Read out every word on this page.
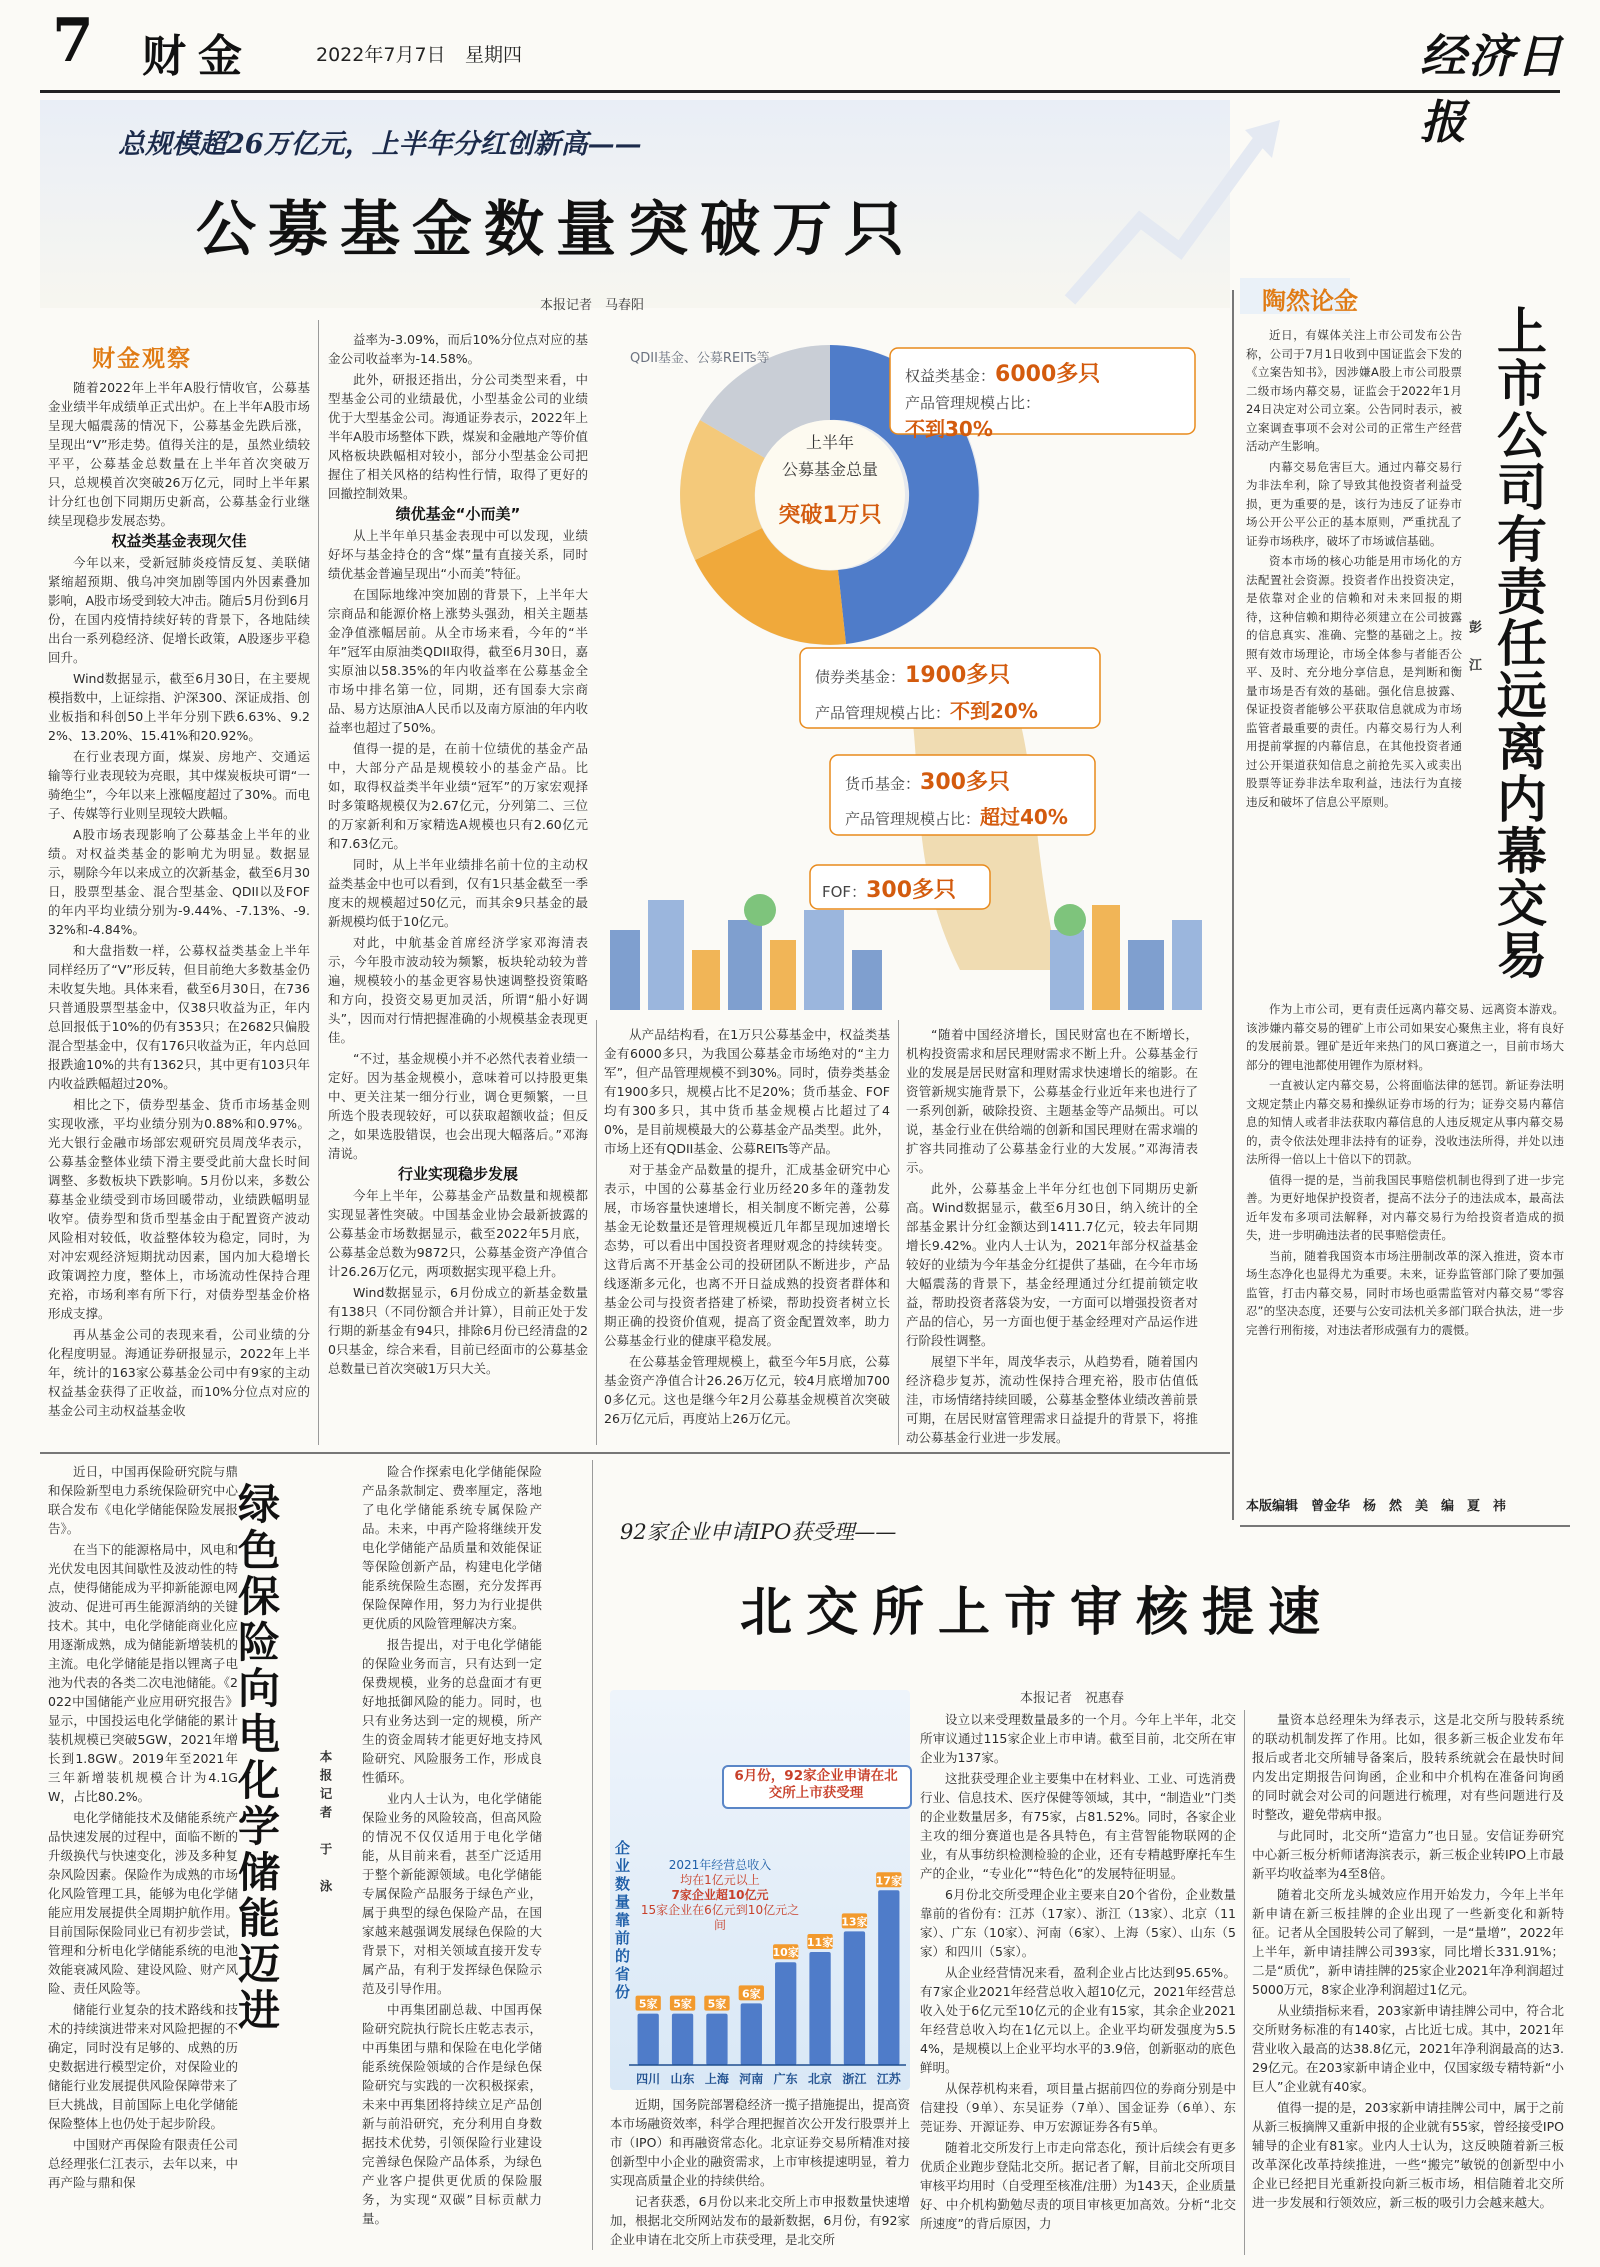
7 财金	2022年7月7日 星期四	经济日报
总规模超26万亿元，上半年分红创新高——
公募基金数量突破万只
本报记者　马春阳
财金观察

随着2022年上半年A股行情收官，公募基金业绩半年成绩单正式出炉。在上半年A股市场呈现大幅震荡的情况下，公募基金先跌后涨，呈现出“V”形走势。值得关注的是，虽然业绩较平平，公募基金总数量在上半年首次突破万只，总规模首次突破26万亿元，同时上半年累计分红也创下同期历史新高，公募基金行业继续呈现稳步发展态势。

权益类基金表现欠佳

今年以来，受新冠肺炎疫情反复、美联储紧缩超预期、俄乌冲突加剧等国内外因素叠加影响，A股市场受到较大冲击。随后5月份到6月份，在国内疫情持续好转的背景下，各地陆续出台一系列稳经济、促增长政策，A股逐步平稳回升。

Wind数据显示，截至6月30日，在主要规模指数中，上证综指、沪深300、深证成指、创业板指和科创50上半年分别下跌6.63%、9.22%、13.20%、15.41%和20.92%。

在行业表现方面，煤炭、房地产、交通运输等行业表现较为亮眼，其中煤炭板块可谓“一骑绝尘”，今年以来上涨幅度超过了30%。而电子、传媒等行业则呈现较大跌幅。

A股市场表现影响了公募基金上半年的业绩。对权益类基金的影响尤为明显。数据显示，剔除今年以来成立的次新基金，截至6月30日，股票型基金、混合型基金、QDII以及FOF的年内平均业绩分别为-9.44%、-7.13%、-9.32%和-4.84%。

和大盘指数一样，公募权益类基金上半年同样经历了“V”形反转，但目前绝大多数基金仍未收复失地。具体来看，截至6月30日，在736只普通股票型基金中，仅38只收益为正，年内总回报低于10%的仍有353只；在2682只偏股混合型基金中，仅有176只收益为正，年内总回报跌逾10%的共有1362只，其中更有103只年内收益跌幅超过20%。

相比之下，债券型基金、货币市场基金则实现收涨，平均业绩分别为0.88%和0.97%。光大银行金融市场部宏观研究员周茂华表示，公募基金整体业绩下滑主要受此前大盘长时间调整、多数板块下跌影响。5月份以来，多数公募基金业绩受到市场回暖带动，业绩跌幅明显收窄。债券型和货币型基金由于配置资产波动风险相对较低，收益整体较为稳定，同时，为对冲宏观经济短期扰动因素，国内加大稳增长政策调控力度，整体上，市场流动性保持合理充裕，市场利率有所下行，对债券型基金价格形成支撑。

再从基金公司的表现来看，公司业绩的分化程度明显。海通证券研报显示，2022年上半年，统计的163家公募基金公司中有9家的主动权益基金获得了正收益，而10%分位点对应的基金公司主动权益基金收

益率为-3.09%，而后10%分位点对应的基金公司收益率为-14.58%。

此外，研报还指出，分公司类型来看，中型基金公司的业绩最优，小型基金公司的业绩优于大型基金公司。海通证券表示，2022年上半年A股市场整体下跌，煤炭和金融地产等价值风格板块跌幅相对较小，部分小型基金公司把握住了相关风格的结构性行情，取得了更好的回撤控制效果。

绩优基金“小而美”

从上半年单只基金表现中可以发现，业绩好坏与基金持仓的含“煤”量有直接关系，同时绩优基金普遍呈现出“小而美”特征。

在国际地缘冲突加剧的背景下，上半年大宗商品和能源价格上涨势头强劲，相关主题基金净值涨幅居前。从全市场来看，今年的“半年”冠军由原油类QDII取得，截至6月30日，嘉实原油以58.35%的年内收益率在公募基金全市场中排名第一位，同期，还有国泰大宗商品、易方达原油A人民币以及南方原油的年内收益率也超过了50%。

值得一提的是，在前十位绩优的基金产品中，大部分产品是规模较小的基金产品。比如，取得权益类半年业绩“冠军”的万家宏观择时多策略规模仅为2.67亿元，分列第二、三位的万家新利和万家精选A规模也只有2.60亿元和7.63亿元。

同时，从上半年业绩排名前十位的主动权益类基金中也可以看到，仅有1只基金截至一季度末的规模超过50亿元，而其余9只基金的最新规模均低于10亿元。

对此，中航基金首席经济学家邓海清表示，今年股市波动较为频繁，板块轮动较为普遍，规模较小的基金更容易快速调整投资策略和方向，投资交易更加灵活，所谓“船小好调头”，因而对行情把握准确的小规模基金表现更佳。

“不过，基金规模小并不必然代表着业绩一定好。因为基金规模小，意味着可以持股更集中、更关注某一细分行业，调仓更频繁，一旦所选个股表现较好，可以获取超额收益；但反之，如果选股错误，也会出现大幅落后。”邓海清说。

行业实现稳步发展

今年上半年，公募基金产品数量和规模都实现显著性突破。中国基金业协会最新披露的公募基金市场数据显示，截至2022年5月底，公募基金总数为9872只，公募基金资产净值合计26.26万亿元，两项数据实现平稳上升。

Wind数据显示，6月份成立的新基金数量有138只（不同份额合并计算），目前正处于发行期的新基金有94只，排除6月份已经清盘的20只基金，综合来看，目前已经面市的公募基金总数量已首次突破1万只大关。

上半年
公募基金总量
突破1万只
QDII基金、公募REITs等
权益类基金：6000多只
产品管理规模占比：
不到30%
债券类基金：1900多只
产品管理规模占比：不到20%
货币基金：300多只
产品管理规模占比：超过40%
FOF：300多只

从产品结构看，在1万只公募基金中，权益类基金有6000多只，为我国公募基金市场绝对的“主力军”，但产品管理规模不到30%。同时，债券类基金有1900多只，规模占比不足20%；货币基金、FOF均有300多只，其中货币基金规模占比超过了40%，是目前规模最大的公募基金产品类型。此外，市场上还有QDII基金、公募REITs等产品。

对于基金产品数量的提升，汇成基金研究中心表示，中国的公募基金行业历经20多年的蓬勃发展，市场容量快速增长，相关制度不断完善，公募基金无论数量还是管理规模近几年都呈现加速增长态势，可以看出中国投资者理财观念的持续转变。这背后离不开基金公司的投研团队不断进步，产品线逐渐多元化，也离不开日益成熟的投资者群体和基金公司与投资者搭建了桥梁，帮助投资者树立长期正确的投资价值观，提高了资金配置效率，助力公募基金行业的健康平稳发展。

在公募基金管理规模上，截至今年5月底，公募基金资产净值合计26.26万亿元，较4月底增加7000多亿元。这也是继今年2月公募基金规模首次突破26万亿元后，再度站上26万亿元。

“随着中国经济增长，国民财富也在不断增长，机构投资需求和居民理财需求不断上升。公募基金行业的发展是居民财富和理财需求快速增长的缩影。在资管新规实施背景下，公募基金行业近年来也进行了一系列创新，破除投资、主题基金等产品频出。可以说，基金行业在供给端的创新和国民理财在需求端的扩容共同推动了公募基金行业的大发展。”邓海清表示。

此外，公募基金上半年分红也创下同期历史新高。Wind数据显示，截至6月30日，纳入统计的全部基金累计分红金额达到1411.7亿元，较去年同期增长9.42%。业内人士认为，2021年部分权益基金较好的业绩为今年基金分红提供了基础，在今年市场大幅震荡的背景下，基金经理通过分红提前锁定收益，帮助投资者落袋为安，一方面可以增强投资者对产品的信心，另一方面也便于基金经理对产品运作进行阶段性调整。

展望下半年，周茂华表示，从趋势看，随着国内经济稳步复苏，流动性保持合理充裕，股市估值低洼，市场情绪持续回暖，公募基金整体业绩改善前景可期，在居民财富管理需求日益提升的背景下，将推动公募基金行业进一步发展。

陶然论金

近日，有媒体关注上市公司发布公告称，公司于7月1日收到中国证监会下发的《立案告知书》，因涉嫌A股上市公司股票二级市场内幕交易，证监会于2022年1月24日决定对公司立案。公告同时表示，被立案调查事项不会对公司的正常生产经营活动产生影响。

内幕交易危害巨大。通过内幕交易行为非法牟利，除了导致其他投资者利益受损，更为重要的是，该行为违反了证券市场公开公平公正的基本原则，严重扰乱了证券市场秩序，破坏了市场诚信基础。

资本市场的核心功能是用市场化的方法配置社会资源。投资者作出投资决定，是依靠对企业的信赖和对未来回报的期待，这种信赖和期待必须建立在公司披露的信息真实、准确、完整的基础之上。按照有效市场理论，市场全体参与者能否公平、及时、充分地分享信息，是判断和衡量市场是否有效的基础。强化信息披露、保证投资者能够公平获取信息就成为市场监管者最重要的责任。内幕交易行为人利用提前掌握的内幕信息，在其他投资者通过公开渠道获知信息之前抢先买入或卖出股票等证券非法牟取利益，违法行为直接违反和破坏了信息公平原则。	上市公司有责任远离内幕交易
彭　江

作为上市公司，更有责任远离内幕交易、远离资本游戏。该涉嫌内幕交易的锂矿上市公司如果安心聚焦主业，将有良好的发展前景。锂矿是近年来热门的风口赛道之一，目前市场大部分的锂电池都使用锂作为原材料。

一直被认定内幕交易，公将面临法律的惩罚。新证券法明文规定禁止内幕交易和操纵证券市场的行为；证券交易内幕信息的知情人或者非法获取内幕信息的人违反规定从事内幕交易的，责令依法处理非法持有的证券，没收违法所得，并处以违法所得一倍以上十倍以下的罚款。

值得一提的是，当前我国民事赔偿机制也得到了进一步完善。为更好地保护投资者，提高不法分子的违法成本，最高法近年发布多项司法解释，对内幕交易行为给投资者造成的损失，进一步明确违法者的民事赔偿责任。

当前，随着我国资本市场注册制改革的深入推进，资本市场生态净化也显得尤为重要。未来，证券监管部门除了要加强监管，打击内幕交易，同时市场也亟需监管对内幕交易“零容忍”的坚决态度，还要与公安司法机关多部门联合执法，进一步完善行刑衔接，对违法者形成强有力的震慑。

本版编辑　曾金华　杨　然　美　编　夏　祎

近日，中国再保险研究院与鼎和保险新型电力系统保险研究中心联合发布《电化学储能保险发展报告》。

在当下的能源格局中，风电和光伏发电因其间歇性及波动性的特点，使得储能成为平抑新能源电网波动、促进可再生能源消纳的关键技术。其中，电化学储能商业化应用逐渐成熟，成为储能新增装机的主流。电化学储能是指以锂离子电池为代表的各类二次电池储能。《2022中国储能产业应用研究报告》显示，中国投运电化学储能的累计装机规模已突破5GW，2021年增长到1.8GW。2019年至2021年三年新增装机规模合计为4.1GW，占比80.2%。

电化学储能技术及储能系统产品快速发展的过程中，面临不断的升级换代与快速变化，涉及多种复杂风险因素。保险作为成熟的市场化风险管理工具，能够为电化学储能应用发展提供全周期护航作用。目前国际保险同业已有初步尝试，管理和分析电化学储能系统的电池效能衰减风险、建设风险、财产风险、责任风险等。

储能行业复杂的技术路线和技术的持续演进带来对风险把握的不确定，同时没有足够的、成熟的历史数据进行模型定价，对保险业的储能行业发展提供风险保障带来了巨大挑战，目前国际上电化学储能保险整体上也仍处于起步阶段。

中国财产再保险有限责任公司总经理张仁江表示，去年以来，中再产险与鼎和保

绿色保险向电化学储能迈进	本报记者　于　泳

险合作探索电化学储能保险产品条款制定、费率厘定，落地了电化学储能系统专属保险产品。未来，中再产险将继续开发电化学储能产品质量和效能保证等保险创新产品，构建电化学储能系统保险生态圈，充分发挥再保险保障作用，努力为行业提供更优质的风险管理解决方案。

报告提出，对于电化学储能的保险业务而言，只有达到一定保费规模，业务的总盘面才有更好地抵御风险的能力。同时，也只有业务达到一定的规模，所产生的资金周转才能更好地支持风险研究、风险服务工作，形成良性循环。

业内人士认为，电化学储能保险业务的风险较高，但高风险的情况不仅仅适用于电化学储能，从目前来看，甚至广泛适用于整个新能源领域。电化学储能专属保险产品服务于绿色产业，属于典型的绿色保险产品，在国家越来越强调发展绿色保险的大背景下，对相关领域直接开发专属产品，有利于发挥绿色保险示范及引导作用。

中再集团副总裁、中国再保险研究院执行院长庄乾志表示，中再集团与鼎和保险在电化学储能系统保险领域的合作是绿色保险研究与实践的一次积极探索，未来中再集团将持续立足产品创新与前沿研究，充分利用自身数据技术优势，引领保险行业建设完善绿色保险产品体系，为绿色产业客户提供更优质的保险服务，为实现“双碳”目标贡献力量。

92家企业申请IPO获受理——
北交所上市审核提速
本报记者　祝惠春
6月份，92家企业申请在北交所上市获受理
企业数量靠前的省份	2021年经营总收入
均在1亿元以上
7家企业超10亿元
15家企业在6亿元到10亿元之间
5家
四川
5家
山东
5家
上海
6家
河南
10家
广东
11家
北京
13家
浙江
17家
江苏

近期，国务院部署稳经济一揽子措施提出，提高资本市场融资效率，科学合理把握首次公开发行股票并上市（IPO）和再融资常态化。北京证券交易所精准对接创新型中小企业的融资需求，上市审核提速明显，着力实现高质量企业的持续供给。

记者获悉，6月份以来北交所上市申报数量快速增加，根据北交所网站发布的最新数据，6月份，有92家企业申请在北交所上市获受理，是北交所

设立以来受理数量最多的一个月。今年上半年，北交所审议通过115家企业上市申请。截至目前，北交所在审企业为137家。

这批获受理企业主要集中在材料业、工业、可选消费行业、信息技术、医疗保健等领域，其中，“制造业”门类的企业数量居多，有75家，占81.52%。同时，各家企业主攻的细分赛道也是各具特色，有主营智能物联网的企业，有从事纺织检测检验的企业，还有专精越野摩托车生产的企业，“专业化”“特色化”的发展特征明显。

6月份北交所受理企业主要来自20个省份，企业数量靠前的省份有：江苏（17家）、浙江（13家）、北京（11家）、广东（10家）、河南（6家）、上海（5家）、山东（5家）和四川（5家）。

从企业经营情况来看，盈利企业占比达到95.65%。有7家企业2021年经营总收入超10亿元，2021年经营总收入处于6亿元至10亿元的企业有15家，其余企业2021年经营总收入均在1亿元以上。企业平均研发强度为5.54%，是规模以上企业平均水平的3.9倍，创新驱动的底色鲜明。

从保荐机构来看，项目量占据前四位的券商分别是中信建投（9单）、东吴证券（7单）、国金证券（6单）、东莞证券、开源证券、申万宏源证券各有5单。

随着北交所发行上市走向常态化，预计后续会有更多优质企业跑步登陆北交所。据记者了解，目前北交所项目审核平均用时（自受理至核准/注册）为143天，企业质量好、中介机构勤勉尽责的项目审核更加高效。分析“北交所速度”的背后原因，力

量资本总经理朱为绎表示，这是北交所与股转系统的联动机制发挥了作用。比如，很多新三板企业发布年报后或者北交所辅导备案后，股转系统就会在最快时间内发出定期报告问询函，企业和中介机构在准备问询函的同时就会对公司的问题进行梳理，对有些问题进行及时整改，避免带病申报。

与此同时，北交所“造富力”也日显。安信证券研究中心新三板分析师诸海滨表示，新三板企业转IPO上市最新平均收益率为4至8倍。

随着北交所龙头城效应作用开始发力，今年上半年新申请在新三板挂牌的企业出现了一些新变化和新特征。记者从全国股转公司了解到，一是“量增”，2022年上半年，新申请挂牌公司393家，同比增长331.91%；二是“质优”，新申请挂牌的25家企业2021年净利润超过5000万元，8家企业净利润超过1亿元。

从业绩指标来看，203家新申请挂牌公司中，符合北交所财务标准的有140家，占比近七成。其中，2021年营业收入最高的达38.8亿元，2021年净利润最高的达3.29亿元。在203家新申请企业中，仅国家级专精特新“小巨人”企业就有40家。

值得一提的是，203家新申请挂牌公司中，属于之前从新三板摘牌又重新申报的企业就有55家，曾经接受IPO辅导的企业有81家。业内人士认为，这反映随着新三板改革深化改革持续推进，一些“搬完”敏锐的创新型中小企业已经把目光重新投向新三板市场，相信随着北交所进一步发展和行领效应，新三板的吸引力会越来越大。
